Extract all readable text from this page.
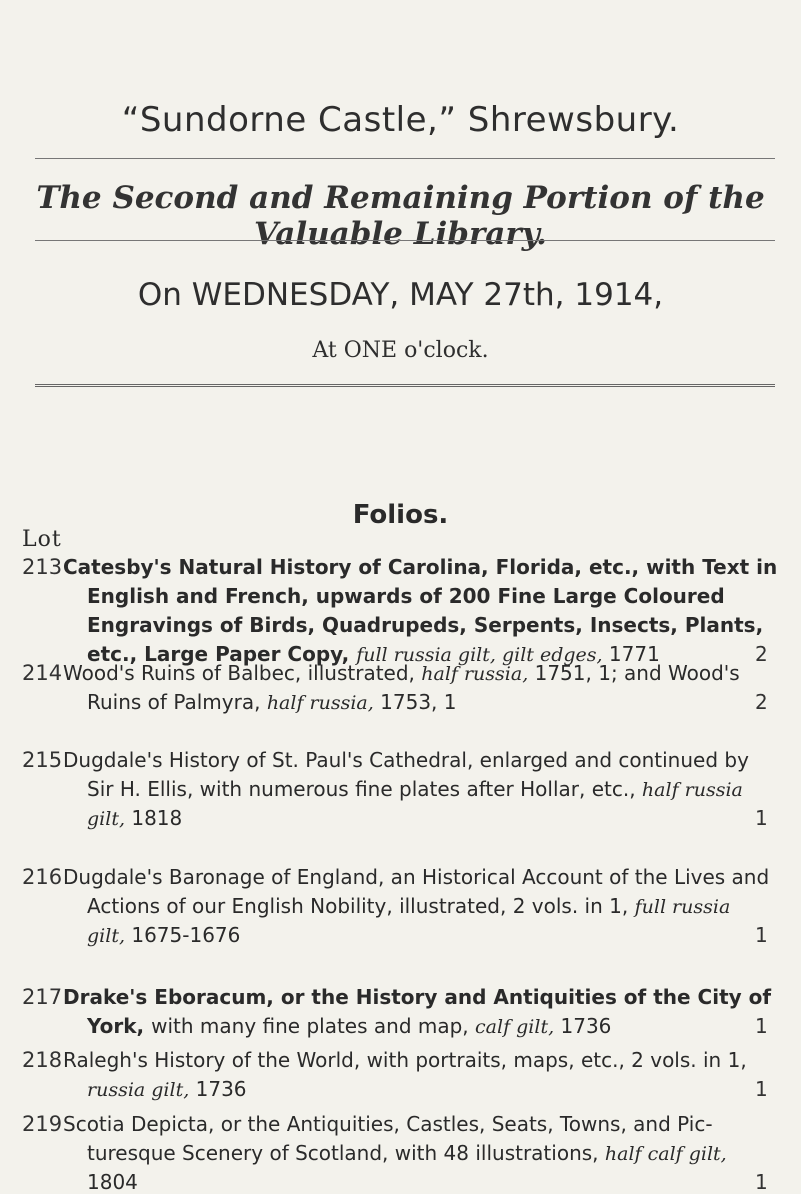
“Sundorne Castle,” Shrewsbury.
The Second and Remaining Portion of the Valuable Library.
On WEDNESDAY, MAY 27th, 1914,
At ONE o'clock.
Folios.
Lot
213 Catesby's Natural History of Carolina, Florida, etc., with Text in
English and French, upwards of 200 Fine Large Coloured
Engravings of Birds, Quadrupeds, Serpents, Insects, Plants,
etc., Large Paper Copy, full russia gilt, gilt edges, 1771	2
214 Wood's Ruins of Balbec, illustrated, half russia, 1751, 1; and Wood's
Ruins of Palmyra, half russia, 1753, 1	2
215 Dugdale's History of St. Paul's Cathedral, enlarged and continued by
Sir H. Ellis, with numerous fine plates after Hollar, etc., half russia
gilt, 1818	1
216 Dugdale's Baronage of England, an Historical Account of the Lives and
Actions of our English Nobility, illustrated, 2 vols. in 1, full russia
gilt, 1675-1676	1
217 Drake's Eboracum, or the History and Antiquities of the City of
York, with many fine plates and map, calf gilt, 1736	1
218 Ralegh's History of the World, with portraits, maps, etc., 2 vols. in 1,
russia gilt, 1736	1
219 Scotia Depicta, or the Antiquities, Castles, Seats, Towns, and Pic-
turesque Scenery of Scotland, with 48 illustrations, half calf gilt,
1804	1
